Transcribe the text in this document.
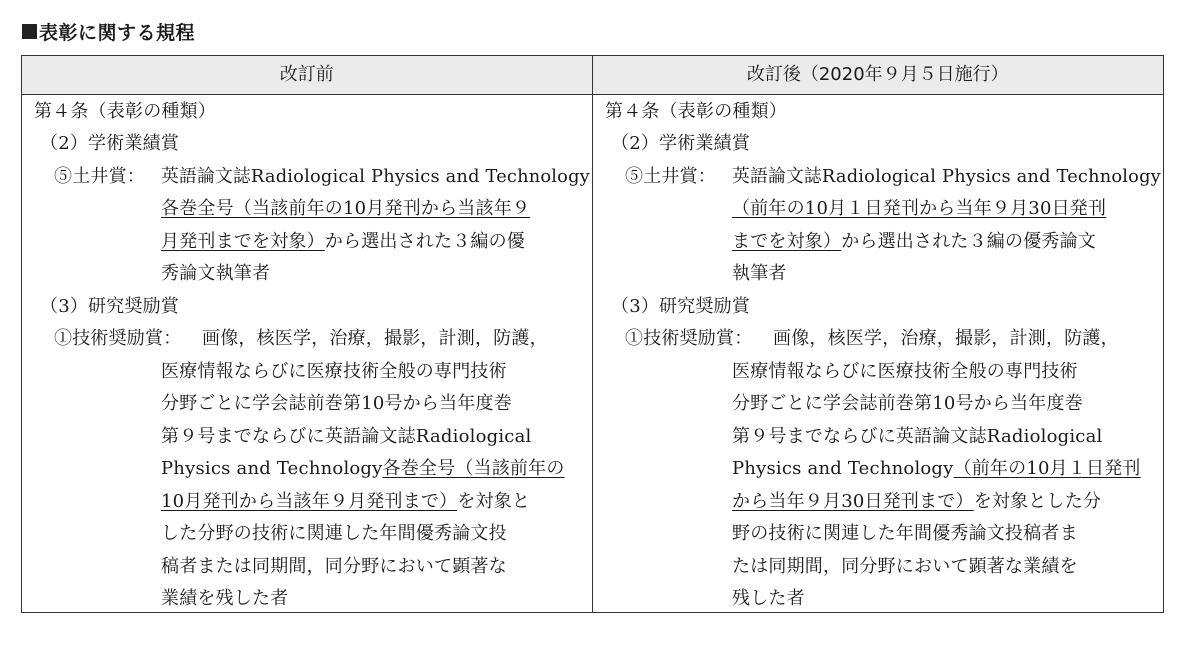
表彰に関する規程
改訂前	改訂後（2020年９月５日施行）
第４条（表彰の種類）
（2）学術業績賞
⑤土井賞： 英語論文誌Radiological Physics and Technology
各巻全号（当該前年の10月発刊から当該年９
月発刊までを対象）から選出された３編の優
秀論文執筆者
（3）研究奨励賞
①技術奨励賞： 画像，核医学，治療，撮影，計測，防護，
医療情報ならびに医療技術全般の専門技術
分野ごとに学会誌前巻第10号から当年度巻
第９号までならびに英語論文誌Radiological
Physics and Technology各巻全号（当該前年の
10月発刊から当該年９月発刊まで）を対象と
した分野の技術に関連した年間優秀論文投
稿者または同期間，同分野において顕著な
業績を残した者
第４条（表彰の種類）
（2）学術業績賞
⑤土井賞： 英語論文誌Radiological Physics and Technology
（前年の10月１日発刊から当年９月30日発刊
までを対象）から選出された３編の優秀論文
執筆者
（3）研究奨励賞
①技術奨励賞： 画像，核医学，治療，撮影，計測，防護，
医療情報ならびに医療技術全般の専門技術
分野ごとに学会誌前巻第10号から当年度巻
第９号までならびに英語論文誌Radiological
Physics and Technology（前年の10月１日発刊
から当年９月30日発刊まで）を対象とした分
野の技術に関連した年間優秀論文投稿者ま
たは同期間，同分野において顕著な業績を
残した者
